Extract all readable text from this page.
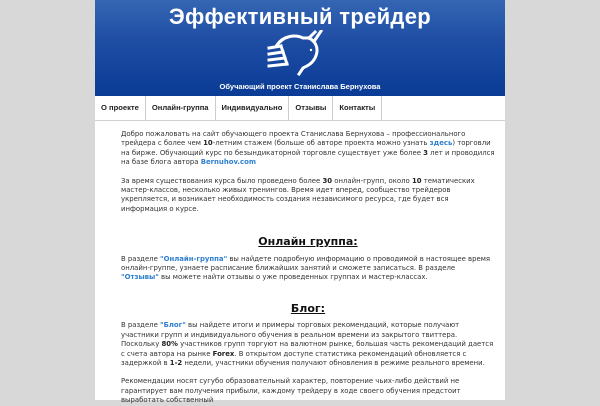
Эффективный трейдер
Обучающий проект Станислава Бернухова
О проекте	Онлайн-группа	Индивидуально	Отзывы	Контакты

Добро пожаловать на сайт обучающего проекта Станислава Бернухова – профессионального трейдера с более чем 10-летним стажем (больше об авторе проекта можно узнать здесь) торговли на бирже. Обучающий курс по безындикаторной торговле существует уже более 3 лет и проводился на базе блога автора Bernuhov.com

За время существования курса было проведено более 30 онлайн-групп, около 10 тематических мастер-классов, несколько живых тренингов. Время идет вперед, сообщество трейдеров укрепляется, и возникает необходимость создания независимого ресурса, где будет вся информация о курсе.

Онлайн группа:

В разделе "Онлайн-группа" вы найдете подробную информацию о проводимой в настоящее время онлайн-группе, узнаете расписание ближайших занятий и сможете записаться. В разделе "Отзывы" вы можете найти отзывы о уже проведенных группах и мастер-классах.

Блог:

В разделе "Блог" вы найдете итоги и примеры торговых рекомендаций, которые получают участники групп и индивидуального обучения в реальном времени из закрытого твиттера. Поскольку 80% участников групп торгуют на валютном рынке, большая часть рекомендаций дается с счета автора на рынке Forex. В открытом доступе статистика рекомендаций обновляется с задержкой в 1-2 недели, участники обучения получают обновления в режиме реального времени.

Рекомендации носят сугубо образовательный характер, повторение чьих-либо действий не гарантирует вам получения прибыли, каждому трейдеру в ходе своего обучения предстоит выработать собственный
